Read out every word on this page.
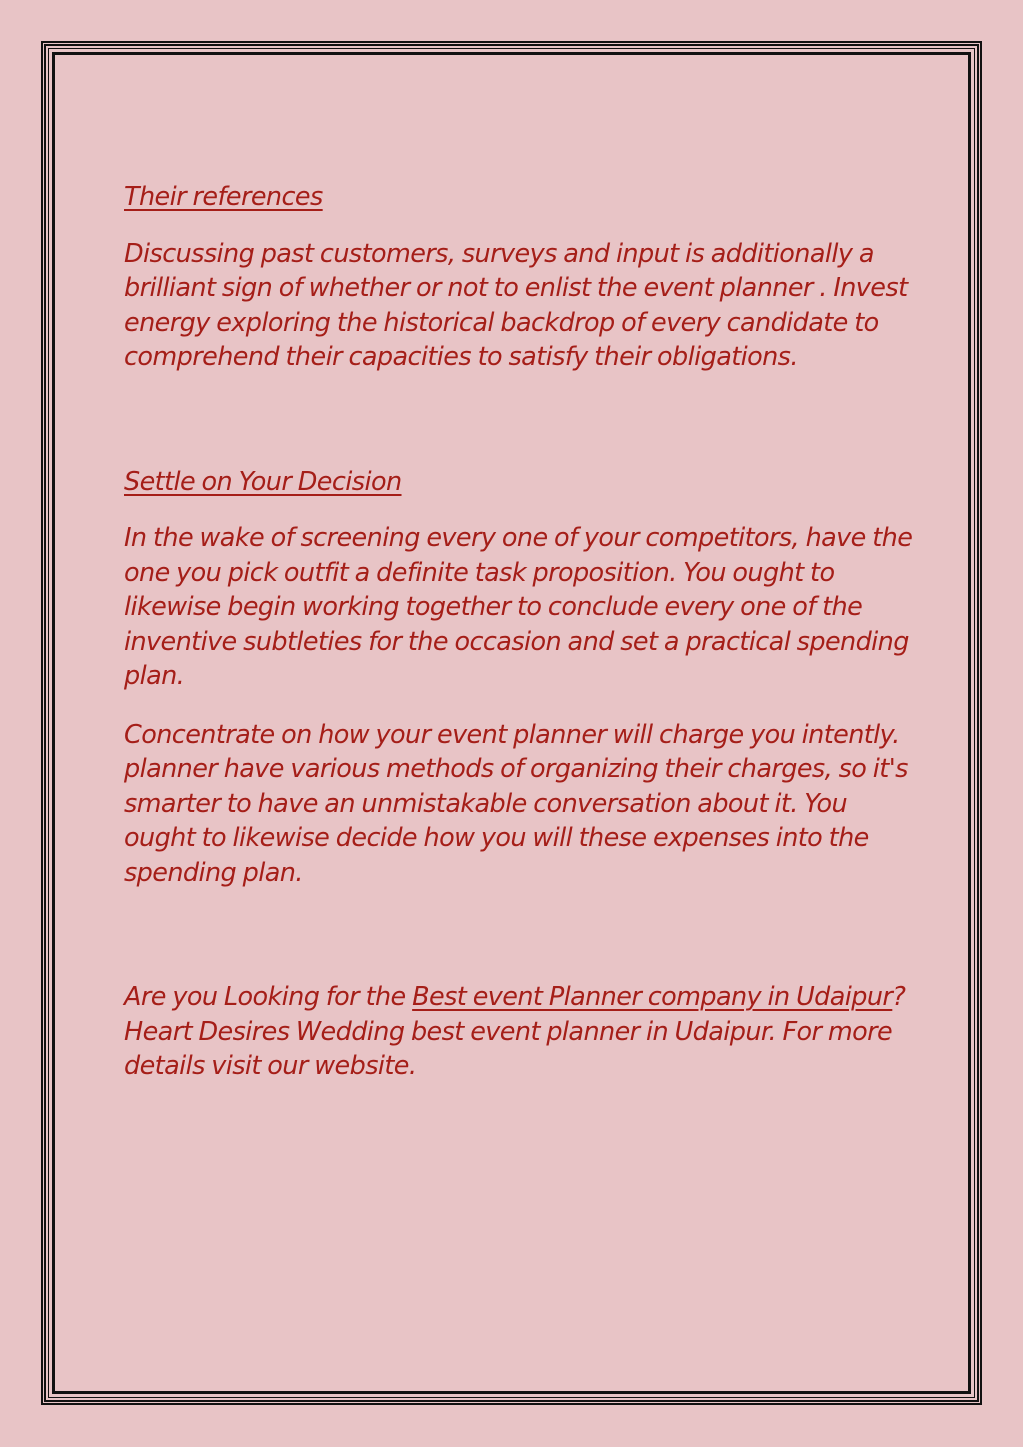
Their references

Discussing past customers, surveys and input is additionally a brilliant sign of whether or not to enlist the event planner . Invest energy exploring the historical backdrop of every candidate to comprehend their capacities to satisfy their obligations.

Settle on Your Decision

In the wake of screening every one of your competitors, have the one you pick outfit a definite task proposition. You ought to likewise begin working together to conclude every one of the inventive subtleties for the occasion and set a practical spending plan.

Concentrate on how your event planner will charge you intently. planner have various methods of organizing their charges, so it's smarter to have an unmistakable conversation about it. You ought to likewise decide how you will these expenses into the spending plan.

Are you Looking for the Best event Planner company in Udaipur? Heart Desires Wedding best event planner in Udaipur. For more details visit our website.
